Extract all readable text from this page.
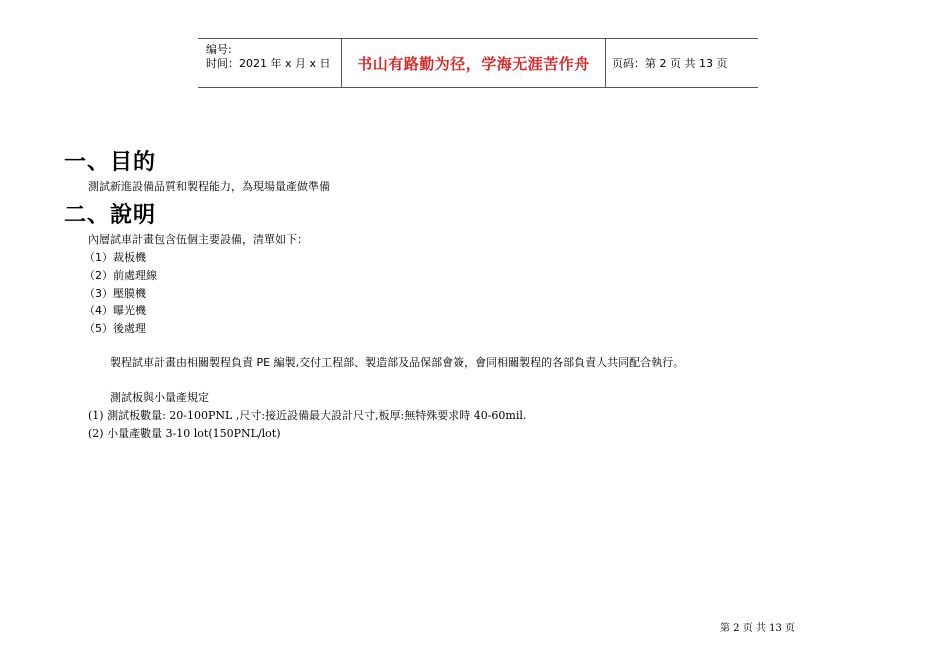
编号:
时间：2021 年 x 月 x 日 书山有路勤为径，学海无涯苦作舟 页码：第 2 页 共 13 页
一、目的
測試新進設備品質和製程能力，為現場量產做準備
二、說明
內層試車計畫包含伍個主要設備，清單如下：
（1）裁板機
（2）前處理線
（3）壓膜機
（4）曝光機
（5）後處理
製程試車計畫由相關製程負責 PE 編製,交付工程部、製造部及品保部會簽，會同相關製程的各部負責人共同配合執行。
測試板與小量產規定
(1) 測試板數量: 20-100PNL ,尺寸:接近設備最大設計尺寸,板厚:無特殊要求時 40-60mil.
(2) 小量產數量 3-10 lot(150PNL/lot)
第 2 页 共 13 页
